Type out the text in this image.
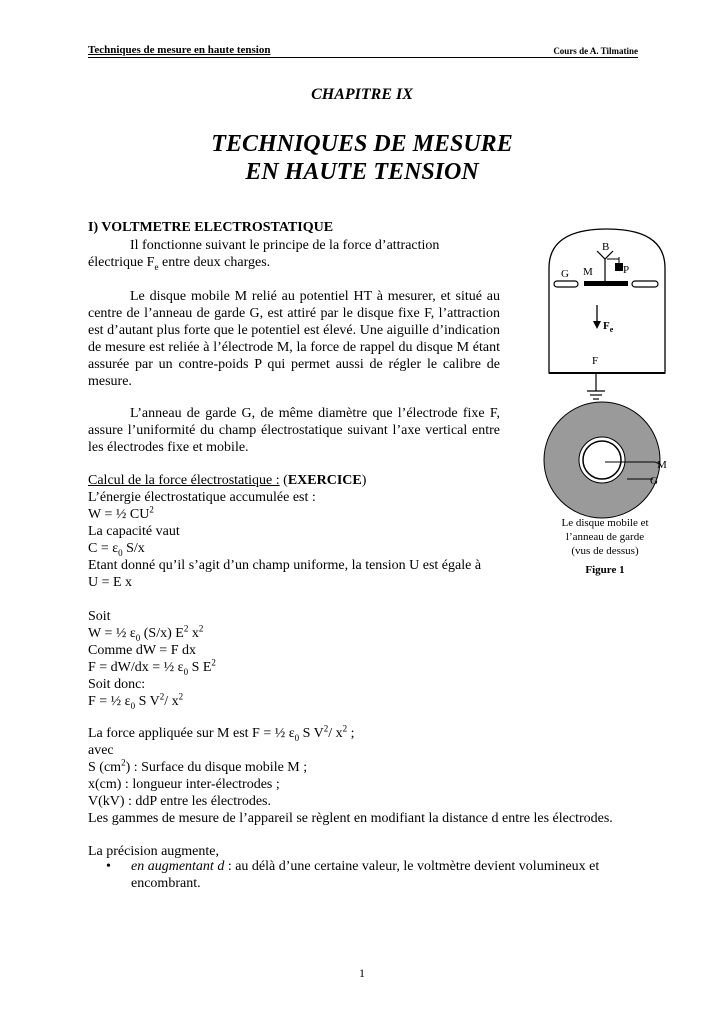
Techniques de mesure en haute tension	Cours de A. Tilmatine
CHAPITRE IX
TECHNIQUES DE MESURE
EN HAUTE TENSION
I) VOLTMETRE ELECTROSTATIQUE
Il fonctionne suivant le principe de la force d’attraction
électrique $F_e$ entre deux charges.
Le disque mobile M relié au potentiel HT à mesurer, et situé au centre de l’anneau de garde G, est attiré par le disque fixe F, l’attraction est d’autant plus forte que le potentiel est élevé. Une aiguille d’indication de mesure est reliée à l’électrode M, la force de rappel du disque M étant assurée par un contre-poids P qui permet aussi de régler le calibre de mesure.
L’anneau de garde G, de même diamètre que l’électrode fixe F, assure l’uniformité du champ électrostatique suivant l’axe vertical entre les électrodes fixe et mobile.
Calcul de la force électrostatique : (EXERCICE)
L’énergie électrostatique accumulée est :
W = ½ $CU^2$
La capacité vaut
$C = \varepsilon_0$ S/x
Etant donné qu’il s’agit d’un champ uniforme, la tension U est égale à
U = E x
Soit
W = ½ $\varepsilon_0$ (S/x) $E^2$ $x^2$
Comme dW = F dx
F = dW/dx = ½ $\varepsilon_0$ S $E^2$
Soit donc:
F = ½ $\varepsilon_0$ S $V^2/$ $x^2$
La force appliquée sur M est F = ½ $\varepsilon_0$ S $V^2/$ $x^2$ ;
avec
S $(cm^2)$ : Surface du disque mobile M ;
x(cm) : longueur inter-électrodes ;
V(kV) : ddP entre les électrodes.
Les gammes de mesure de l’appareil se règlent en modifiant la distance d entre les électrodes.
La précision augmente,
• en augmentant d : au délà d’une certaine valeur, le voltmètre devient volumineux et encombrant.
B
G M	P
$F_e$
F
M
G
Le disque mobile et
l’anneau de garde
(vus de dessus)
Figure 1
1
